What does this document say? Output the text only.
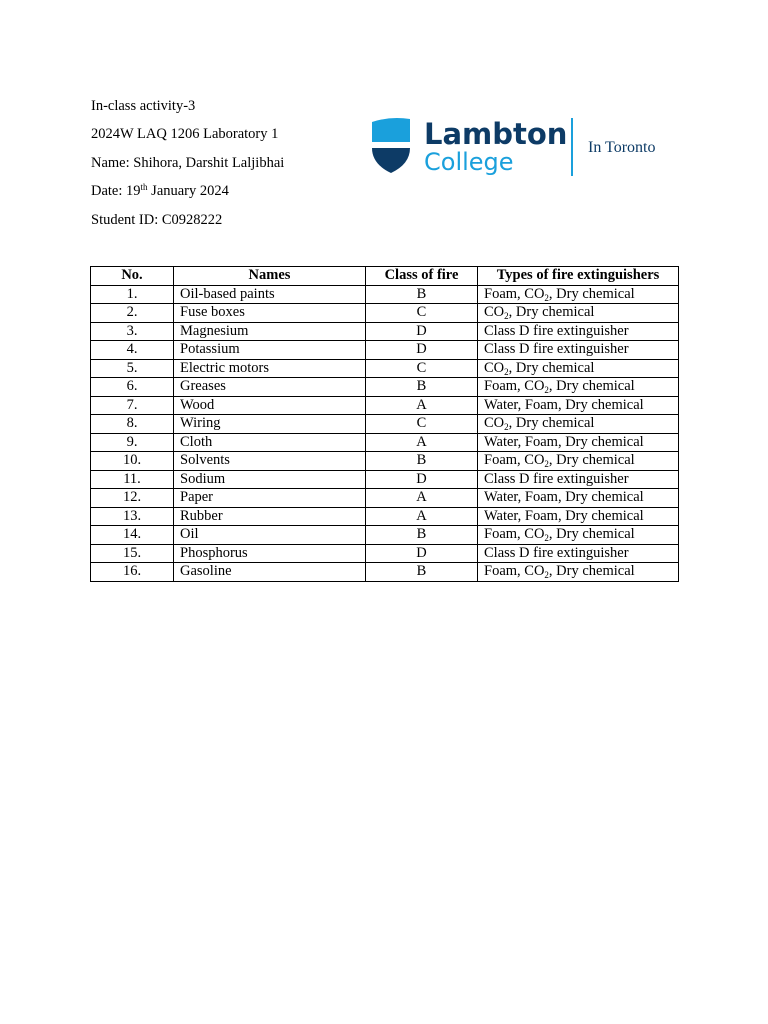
In-class activity-3
2024W LAQ 1206 Laboratory 1
Name: Shihora, Darshit Laljibhai
Date: 19th January 2024
Student ID: C0928222
Lambton
College
In Toronto
No.	Names	Class of fire	Types of fire extinguishers
1.	Oil-based paints	B	Foam, $CO_2$, Dry chemical
2.	Fuse boxes	C	$CO_2$, Dry chemical
3.	Magnesium	D	Class D fire extinguisher
4.	Potassium	D	Class D fire extinguisher
5.	Electric motors	C	$CO_2$, Dry chemical
6.	Greases	B	Foam, $CO_2$, Dry chemical
7.	Wood	A	Water, Foam, Dry chemical
8.	Wiring	C	$CO_2$, Dry chemical
9.	Cloth	A	Water, Foam, Dry chemical
10.	Solvents	B	Foam, $CO_2$, Dry chemical
11.	Sodium	D	Class D fire extinguisher
12.	Paper	A	Water, Foam, Dry chemical
13.	Rubber	A	Water, Foam, Dry chemical
14.	Oil	B	Foam, $CO_2$, Dry chemical
15.	Phosphorus	D	Class D fire extinguisher
16.	Gasoline	B	Foam, $CO_2$, Dry chemical
